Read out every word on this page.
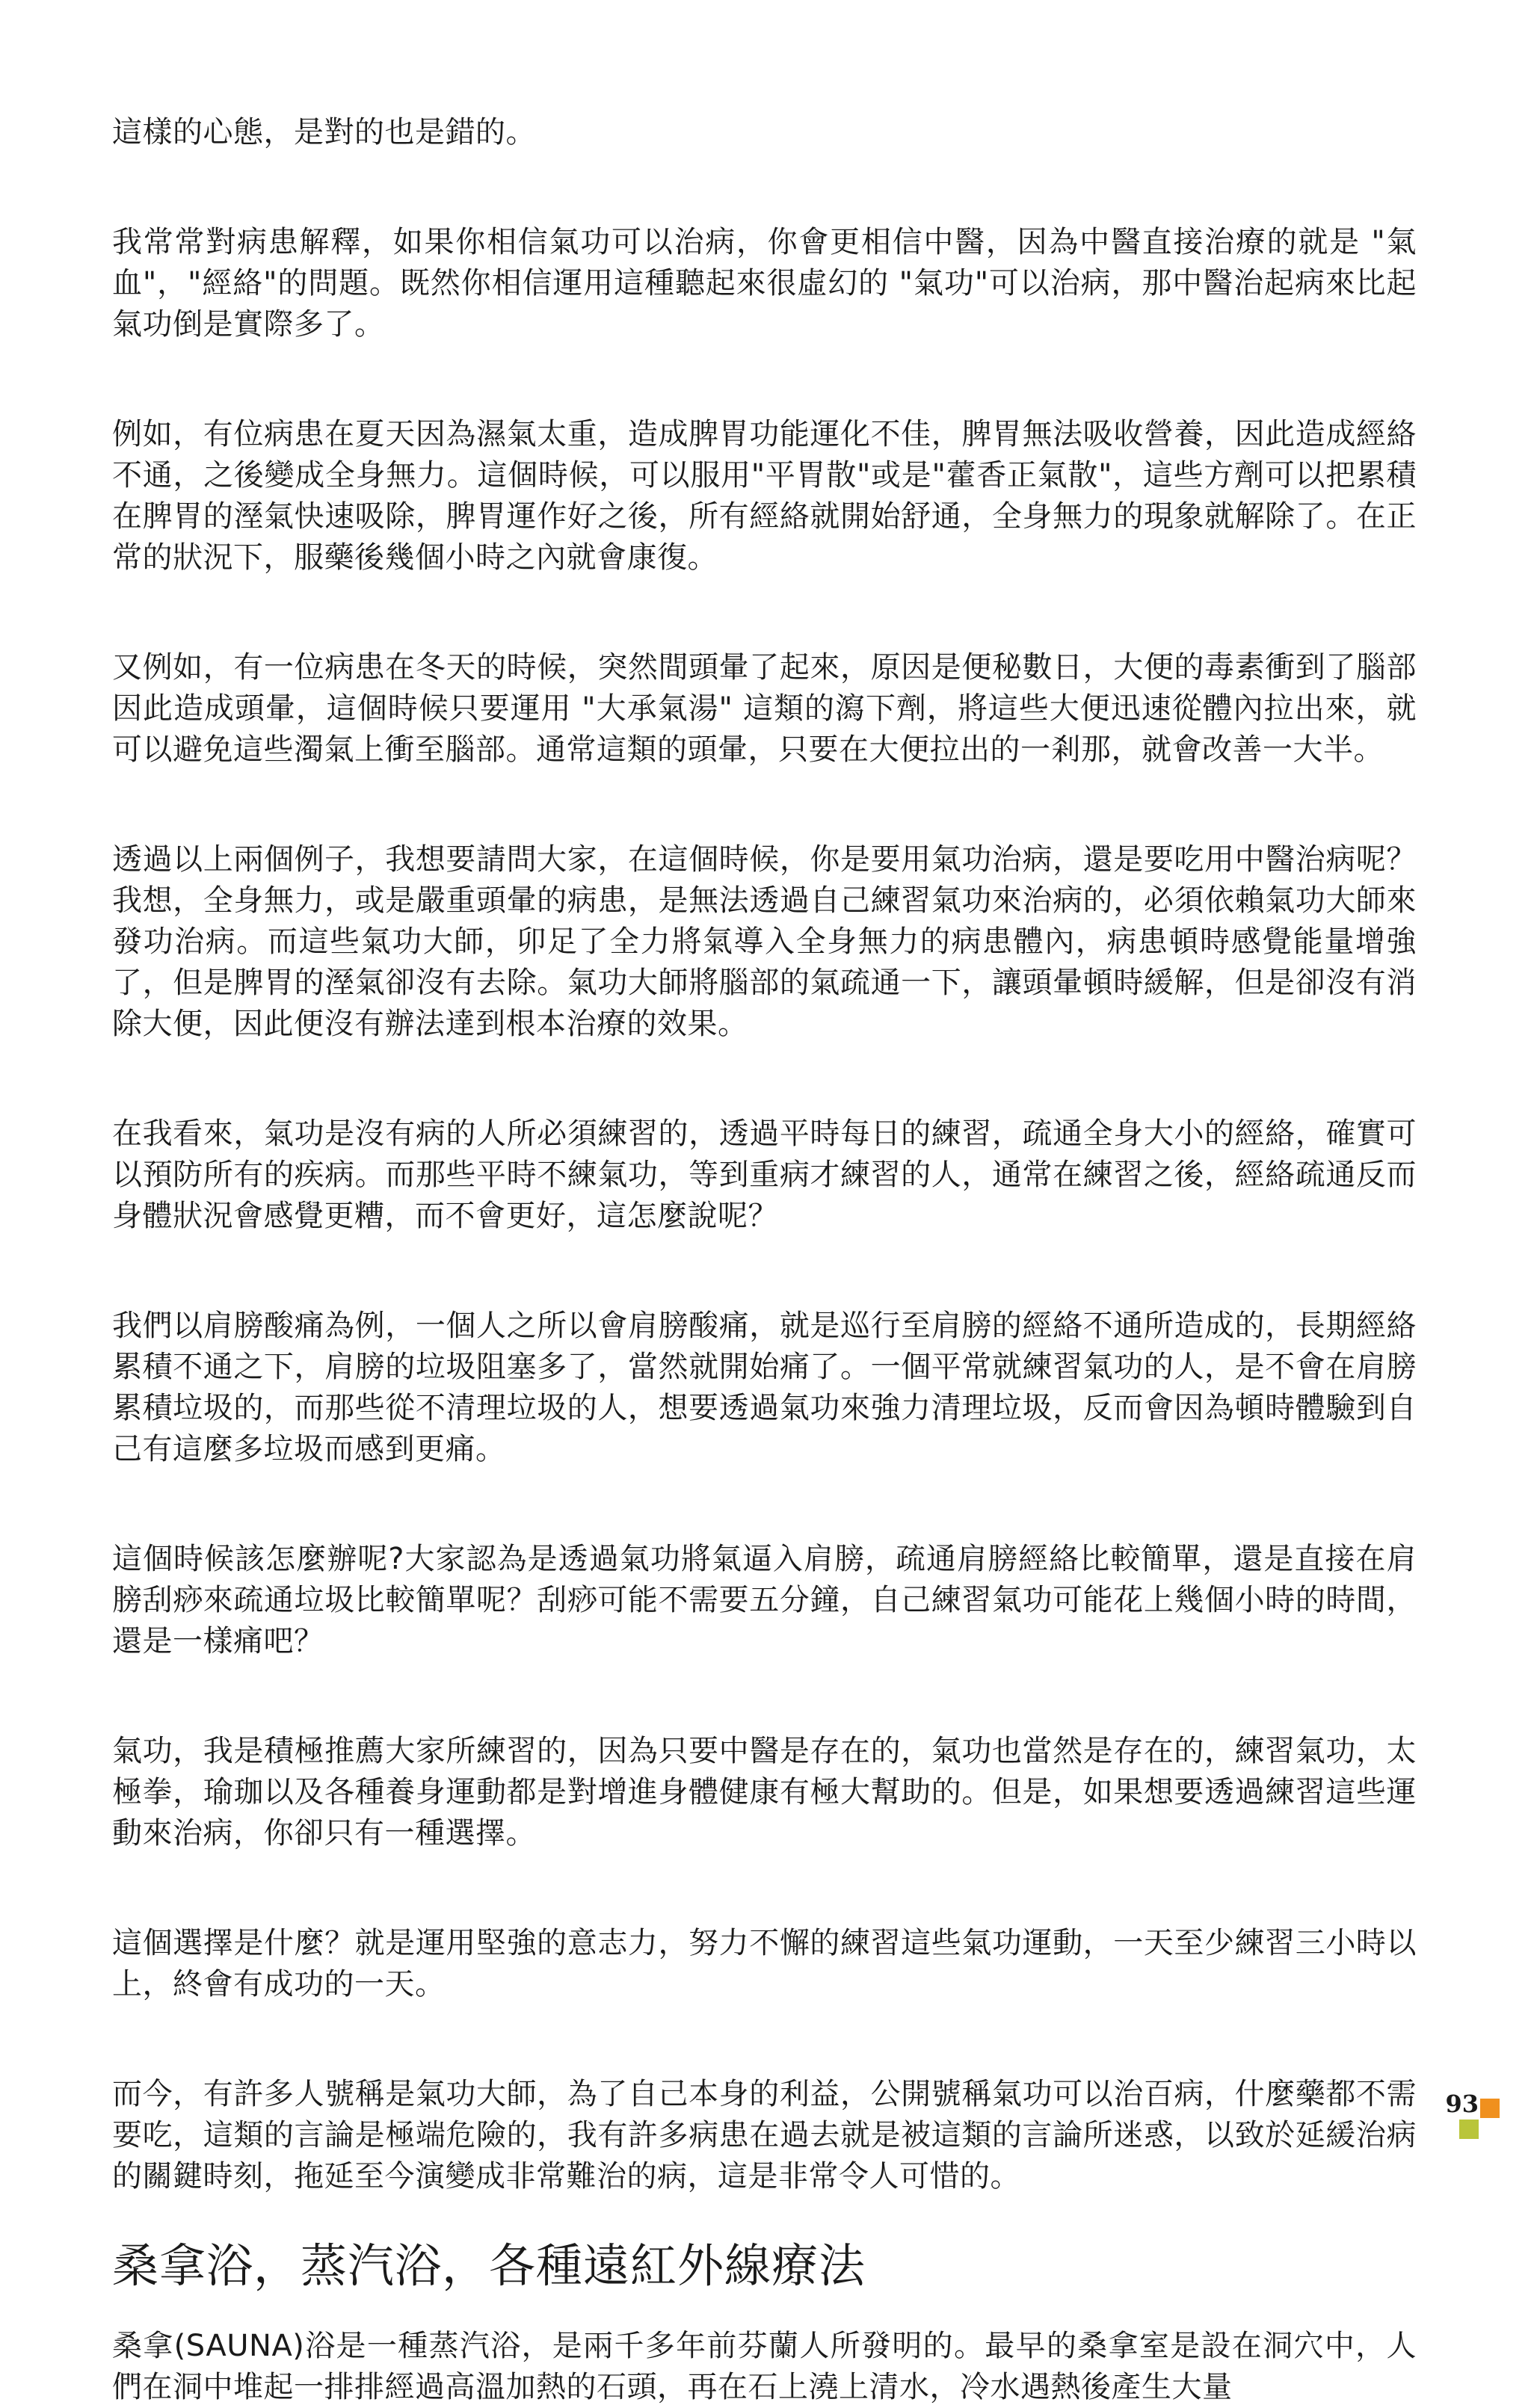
這樣的心態，是對的也是錯的。

我常常對病患解釋，如果你相信氣功可以治病，你會更相信中醫，因為中醫直接治療的就是 "氣血"，"經絡"的問題。既然你相信運用這種聽起來很虛幻的 "氣功"可以治病，那中醫治起病來比起氣功倒是實際多了。

例如，有位病患在夏天因為濕氣太重，造成脾胃功能運化不佳，脾胃無法吸收營養，因此造成經絡不通，之後變成全身無力。這個時候，可以服用"平胃散"或是"藿香正氣散"，這些方劑可以把累積在脾胃的溼氣快速吸除，脾胃運作好之後，所有經絡就開始舒通，全身無力的現象就解除了。在正常的狀況下，服藥後幾個小時之內就會康復。

又例如，有一位病患在冬天的時候，突然間頭暈了起來，原因是便秘數日，大便的毒素衝到了腦部因此造成頭暈，這個時候只要運用 "大承氣湯" 這類的瀉下劑，將這些大便迅速從體內拉出來，就可以避免這些濁氣上衝至腦部。通常這類的頭暈，只要在大便拉出的一剎那，就會改善一大半。

透過以上兩個例子，我想要請問大家，在這個時候，你是要用氣功治病，還是要吃用中醫治病呢？我想，全身無力，或是嚴重頭暈的病患，是無法透過自己練習氣功來治病的，必須依賴氣功大師來發功治病。而這些氣功大師，卯足了全力將氣導入全身無力的病患體內，病患頓時感覺能量增強了，但是脾胃的溼氣卻沒有去除。氣功大師將腦部的氣疏通一下，讓頭暈頓時緩解，但是卻沒有消除大便，因此便沒有辦法達到根本治療的效果。

在我看來，氣功是沒有病的人所必須練習的，透過平時每日的練習，疏通全身大小的經絡，確實可以預防所有的疾病。而那些平時不練氣功，等到重病才練習的人，通常在練習之後，經絡疏通反而身體狀況會感覺更糟，而不會更好，這怎麼說呢？

我們以肩膀酸痛為例，一個人之所以會肩膀酸痛，就是巡行至肩膀的經絡不通所造成的，長期經絡累積不通之下，肩膀的垃圾阻塞多了，當然就開始痛了。一個平常就練習氣功的人，是不會在肩膀累積垃圾的，而那些從不清理垃圾的人，想要透過氣功來強力清理垃圾，反而會因為頓時體驗到自己有這麼多垃圾而感到更痛。

這個時候該怎麼辦呢?大家認為是透過氣功將氣逼入肩膀，疏通肩膀經絡比較簡單，還是直接在肩膀刮痧來疏通垃圾比較簡單呢？刮痧可能不需要五分鐘，自己練習氣功可能花上幾個小時的時間，還是一樣痛吧？

氣功，我是積極推薦大家所練習的，因為只要中醫是存在的，氣功也當然是存在的，練習氣功，太極拳，瑜珈以及各種養身運動都是對增進身體健康有極大幫助的。但是，如果想要透過練習這些運動來治病，你卻只有一種選擇。

這個選擇是什麼？就是運用堅強的意志力，努力不懈的練習這些氣功運動，一天至少練習三小時以上，終會有成功的一天。

而今，有許多人號稱是氣功大師，為了自己本身的利益，公開號稱氣功可以治百病，什麼藥都不需要吃，這類的言論是極端危險的，我有許多病患在過去就是被這類的言論所迷惑，以致於延緩治病的關鍵時刻，拖延至今演變成非常難治的病，這是非常令人可惜的。

桑拿浴，蒸汽浴，各種遠紅外線療法

桑拿(SAUNA)浴是一種蒸汽浴，是兩千多年前芬蘭人所發明的。最早的桑拿室是設在洞穴中，人們在洞中堆起一排排經過高溫加熱的石頭，再在石上澆上清水，冷水遇熱後產生大量

93
